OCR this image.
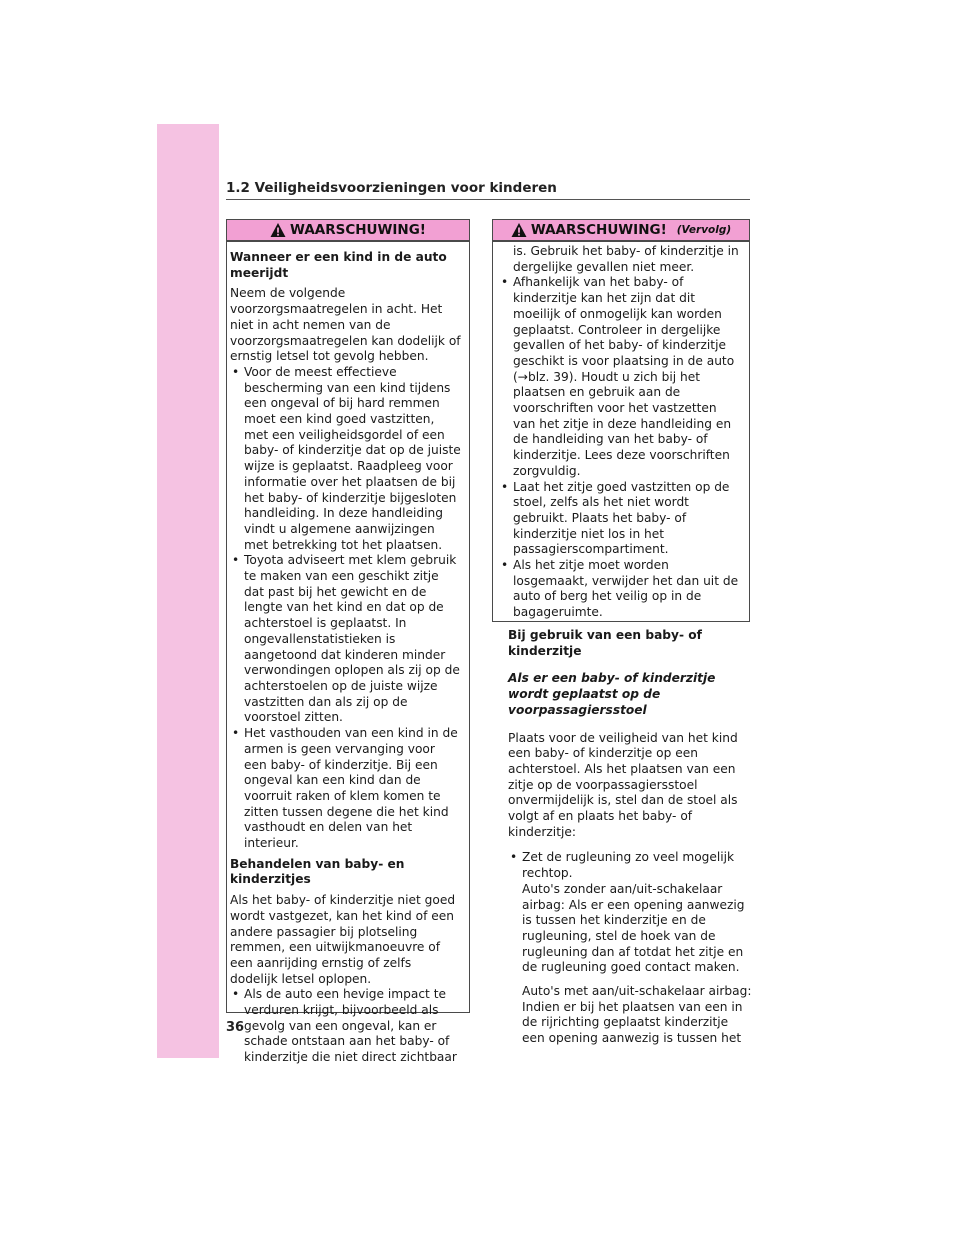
1.2 Veiligheidsvoorzieningen voor kinderen
WAARSCHUWING!

Wanneer er een kind in de auto meerijdt

Neem de volgende voorzorgsmaatregelen in acht. Het niet in acht nemen van de voorzorgsmaatregelen kan dodelijk of ernstig letsel tot gevolg hebben.

• Voor de meest effectieve bescherming van een kind tijdens een ongeval of bij hard remmen moet een kind goed vastzitten, met een veiligheidsgordel of een baby- of kinderzitje dat op de juiste wijze is geplaatst. Raadpleeg voor informatie over het plaatsen de bij het baby- of kinderzitje bijgesloten handleiding. In deze handleiding vindt u algemene aanwijzingen met betrekking tot het plaatsen.
• Toyota adviseert met klem gebruik te maken van een geschikt zitje dat past bij het gewicht en de lengte van het kind en dat op de achterstoel is geplaatst. In ongevallenstatistieken is aangetoond dat kinderen minder verwondingen oplopen als zij op de achterstoelen op de juiste wijze vastzitten dan als zij op de voorstoel zitten.
• Het vasthouden van een kind in de armen is geen vervanging voor een baby- of kinderzitje. Bij een ongeval kan een kind dan de voorruit raken of klem komen te zitten tussen degene die het kind vasthoudt en delen van het interieur.

Behandelen van baby- en kinderzitjes

Als het baby- of kinderzitje niet goed wordt vastgezet, kan het kind of een andere passagier bij plotseling remmen, een uitwijkmanoeuvre of een aanrijding ernstig of zelfs dodelijk letsel oplopen.

• Als de auto een hevige impact te verduren krijgt, bijvoorbeeld als gevolg van een ongeval, kan er schade ontstaan aan het baby- of kinderzitje die niet direct zichtbaar
WAARSCHUWING! (Vervolg)

is. Gebruik het baby- of kinderzitje in dergelijke gevallen niet meer.

• Afhankelijk van het baby- of kinderzitje kan het zijn dat dit moeilijk of onmogelijk kan worden geplaatst. Controleer in dergelijke gevallen of het baby- of kinderzitje geschikt is voor plaatsing in de auto (→blz. 39). Houdt u zich bij het plaatsen en gebruik aan de voorschriften voor het vastzetten van het zitje in deze handleiding en de handleiding van het baby- of kinderzitje. Lees deze voorschriften zorgvuldig.
• Laat het zitje goed vastzitten op de stoel, zelfs als het niet wordt gebruikt. Plaats het baby- of kinderzitje niet los in het passagierscompartiment.
• Als het zitje moet worden losgemaakt, verwijder het dan uit de auto of berg het veilig op in de bagageruimte.

Bij gebruik van een baby- of kinderzitje

Als er een baby- of kinderzitje wordt geplaatst op de voorpassagiersstoel

Plaats voor de veiligheid van het kind een baby- of kinderzitje op een achterstoel. Als het plaatsen van een zitje op de voorpassagiersstoel onvermijdelijk is, stel dan de stoel als volgt af en plaats het baby- of kinderzitje:

• Zet de rugleuning zo veel mogelijk rechtop.

Auto's zonder aan/uit-schakelaar airbag: Als er een opening aanwezig is tussen het kinderzitje en de rugleuning, stel de hoek van de rugleuning dan af totdat het zitje en de rugleuning goed contact maken.

Auto's met aan/uit-schakelaar airbag: Indien er bij het plaatsen van een in de rijrichting geplaatst kinderzitje een opening aanwezig is tussen het

36
